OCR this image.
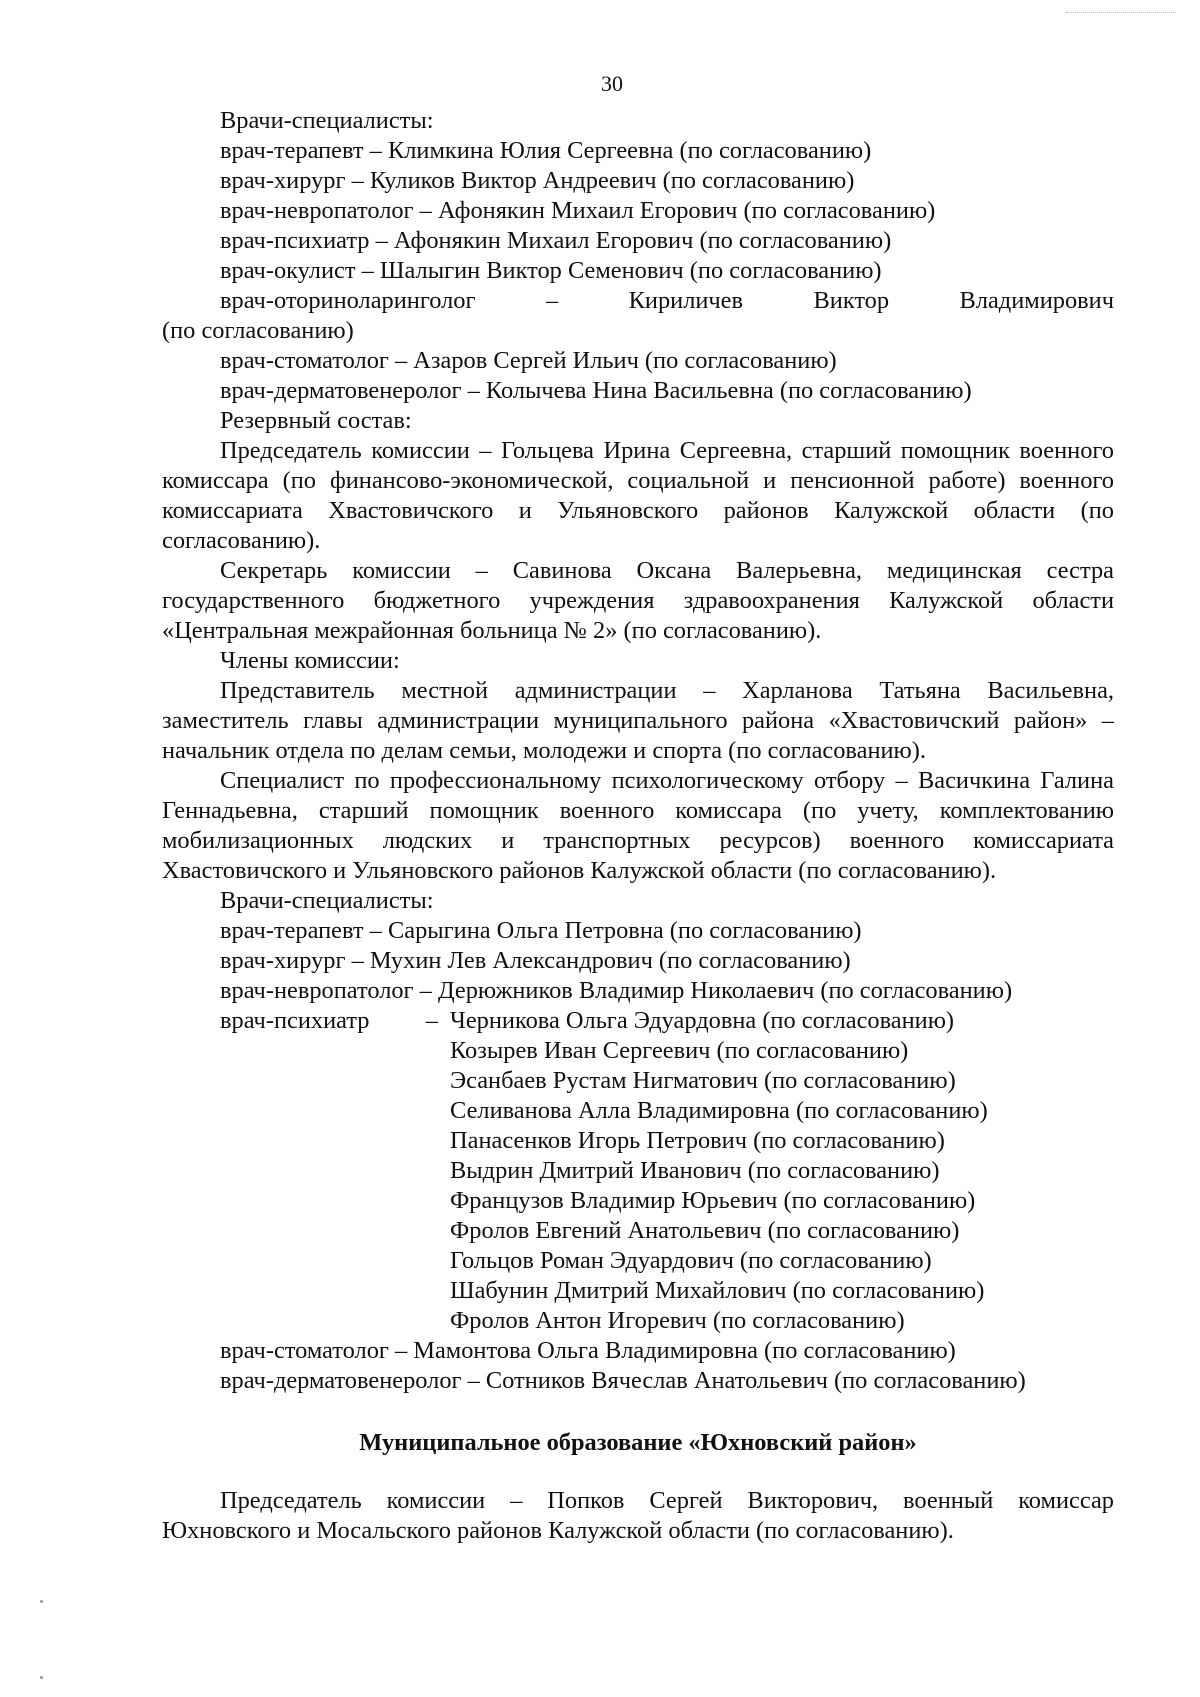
30
Врачи-специалисты:
врач-терапевт – Климкина Юлия Сергеевна (по согласованию)
врач-хирург – Куликов Виктор Андреевич (по согласованию)
врач-невропатолог – Афонякин Михаил Егорович (по согласованию)
врач-психиатр – Афонякин Михаил Егорович (по согласованию)
врач-окулист – Шалыгин Виктор Семенович (по согласованию)
врач-оториноларинголог	–	Кириличев	Виктор	Владимирович
(по согласованию)
врач-стоматолог – Азаров Сергей Ильич (по согласованию)
врач-дерматовенеролог – Колычева Нина Васильевна (по согласованию)
Резервный состав:
Председатель комиссии – Гольцева Ирина Сергеевна, старший помощник военного комиссара (по финансово-экономической, социальной и пенсионной работе) военного комиссариата Хвастовичского и Ульяновского районов Калужской области (по согласованию).
Секретарь комиссии – Савинова Оксана Валерьевна, медицинская сестра государственного бюджетного учреждения здравоохранения Калужской области «Центральная межрайонная больница № 2» (по согласованию).
Члены комиссии:
Представитель местной администрации – Харланова Татьяна Васильевна, заместитель главы администрации муниципального района «Хвастовичский район» – начальник отдела по делам семьи, молодежи и спорта (по согласованию).
Специалист по профессиональному психологическому отбору – Васичкина Галина Геннадьевна, старший помощник военного комиссара (по учету, комплектованию мобилизационных людских и транспортных ресурсов) военного комиссариата Хвастовичского и Ульяновского районов Калужской области (по согласованию).
Врачи-специалисты:
врач-терапевт – Сарыгина Ольга Петровна (по согласованию)
врач-хирург – Мухин Лев Александрович (по согласованию)
врач-невропатолог – Дерюжников Владимир Николаевич (по согласованию)
врач-психиатр – Черникова Ольга Эдуардовна (по согласованию)
Козырев Иван Сергеевич (по согласованию)
Эсанбаев Рустам Нигматович (по согласованию)
Селиванова Алла Владимировна (по согласованию)
Панасенков Игорь Петрович (по согласованию)
Выдрин Дмитрий Иванович (по согласованию)
Французов Владимир Юрьевич (по согласованию)
Фролов Евгений Анатольевич (по согласованию)
Гольцов Роман Эдуардович (по согласованию)
Шабунин Дмитрий Михайлович (по согласованию)
Фролов Антон Игоревич (по согласованию)
врач-стоматолог – Мамонтова Ольга Владимировна (по согласованию)
врач-дерматовенеролог – Сотников Вячеслав Анатольевич (по согласованию)
Муниципальное образование «Юхновский район»
Председатель комиссии – Попков Сергей Викторович, военный комиссар Юхновского и Мосальского районов Калужской области (по согласованию).
